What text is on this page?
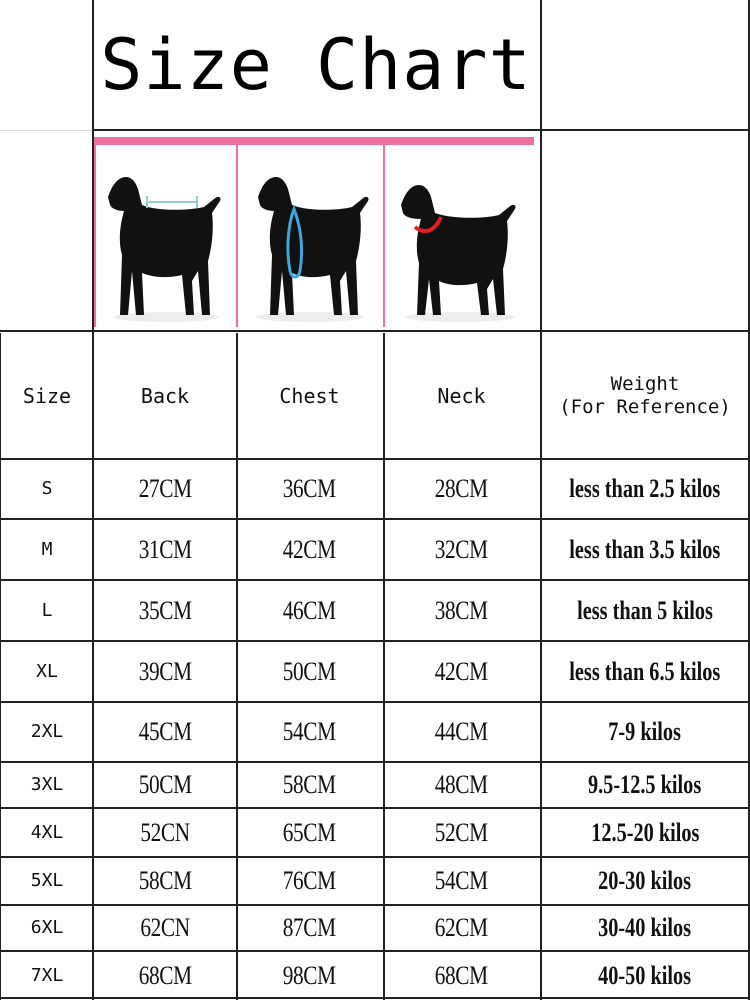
Size Chart
Size	Back	Chest	Neck	Weight
(For Reference)
S	27CM	36CM	28CM	less than 2.5 kilos
M	31CM	42CM	32CM	less than 3.5 kilos
L	35CM	46CM	38CM	less than 5 kilos
XL	39CM	50CM	42CM	less than 6.5 kilos
2XL	45CM	54CM	44CM	7-9 kilos
3XL	50CM	58CM	48CM	9.5-12.5 kilos
4XL	52CN	65CM	52CM	12.5-20 kilos
5XL	58CM	76CM	54CM	20-30 kilos
6XL	62CN	87CM	62CM	30-40 kilos
7XL	68CM	98CM	68CM	40-50 kilos
